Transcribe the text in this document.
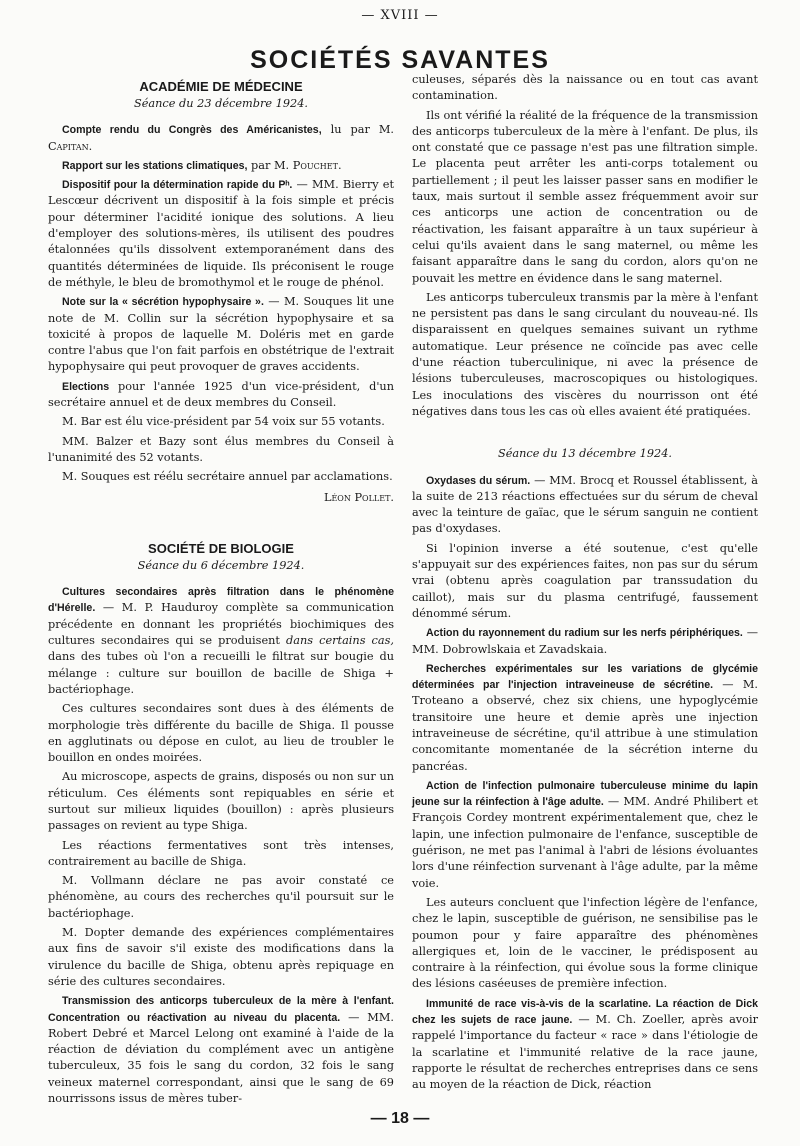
— XVIII —
SOCIÉTÉS SAVANTES
ACADÉMIE DE MÉDECINE
Séance du 23 décembre 1924.

Compte rendu du Congrès des Américanistes, lu par M. Capitan.

Rapport sur les stations climatiques, par M. Pouchet.

Dispositif pour la détermination rapide du Pʰ. — MM. Bierry et Lescœur décrivent un dispositif à la fois simple et précis pour déterminer l'acidité ionique des solutions. A lieu d'employer des solutions-mères, ils utilisent des poudres étalonnées qu'ils dissolvent extemporanément dans des quantités déterminées de liquide. Ils préconisent le rouge de méthyle, le bleu de bromothymol et le rouge de phénol.

Note sur la « sécrétion hypophysaire ». — M. Souques lit une note de M. Collin sur la sécrétion hypophysaire et sa toxicité à propos de laquelle M. Doléris met en garde contre l'abus que l'on fait parfois en obstétrique de l'extrait hypophysaire qui peut provoquer de graves accidents.

Elections pour l'année 1925 d'un vice-président, d'un secrétaire annuel et de deux membres du Conseil.

M. Bar est élu vice-président par 54 voix sur 55 votants.

MM. Balzer et Bazy sont élus membres du Conseil à l'unanimité des 52 votants.

M. Souques est réélu secrétaire annuel par acclamations.

Léon Pollet.
SOCIÉTÉ DE BIOLOGIE
Séance du 6 décembre 1924.

Cultures secondaires après filtration dans le phénomène d'Hérelle. — M. P. Hauduroy complète sa communication précédente en donnant les propriétés biochimiques des cultures secondaires qui se produisent dans certains cas, dans des tubes où l'on a recueilli le filtrat sur bougie du mélange : culture sur bouillon de bacille de Shiga + bactériophage.

Ces cultures secondaires sont dues à des éléments de morphologie très différente du bacille de Shiga. Il pousse en agglutinats ou dépose en culot, au lieu de troubler le bouillon en ondes moirées.

Au microscope, aspects de grains, disposés ou non sur un réticulum. Ces éléments sont repiquables en série et surtout sur milieux liquides (bouillon) : après plusieurs passages on revient au type Shiga.

Les réactions fermentatives sont très intenses, contrairement au bacille de Shiga.

M. Vollmann déclare ne pas avoir constaté ce phénomène, au cours des recherches qu'il poursuit sur le bactériophage.

M. Dopter demande des expériences complémentaires aux fins de savoir s'il existe des modifications dans la virulence du bacille de Shiga, obtenu après repiquage en série des cultures secondaires.

Transmission des anticorps tuberculeux de la mère à l'enfant. Concentration ou réactivation au niveau du placenta. — MM. Robert Debré et Marcel Lelong ont examiné à l'aide de la réaction de déviation du complément avec un antigène tuberculeux, 35 fois le sang du cordon, 32 fois le sang veineux maternel correspondant, ainsi que le sang de 69 nourrissons issus de mères tuber-

culeuses, séparés dès la naissance ou en tout cas avant contamination.

Ils ont vérifié la réalité de la fréquence de la transmission des anticorps tuberculeux de la mère à l'enfant. De plus, ils ont constaté que ce passage n'est pas une filtration simple. Le placenta peut arrêter les anti-corps totalement ou partiellement ; il peut les laisser passer sans en modifier le taux, mais surtout il semble assez fréquemment avoir sur ces anticorps une action de concentration ou de réactivation, les faisant apparaître à un taux supérieur à celui qu'ils avaient dans le sang maternel, ou même les faisant apparaître dans le sang du cordon, alors qu'on ne pouvait les mettre en évidence dans le sang maternel.

Les anticorps tuberculeux transmis par la mère à l'enfant ne persistent pas dans le sang circulant du nouveau-né. Ils disparaissent en quelques semaines suivant un rythme automatique. Leur présence ne coïncide pas avec celle d'une réaction tuberculinique, ni avec la présence de lésions tuberculeuses, macroscopiques ou histologiques. Les inoculations des viscères du nourrisson ont été négatives dans tous les cas où elles avaient été pratiquées.

Séance du 13 décembre 1924.

Oxydases du sérum. — MM. Brocq et Roussel établissent, à la suite de 213 réactions effectuées sur du sérum de cheval avec la teinture de gaïac, que le sérum sanguin ne contient pas d'oxydases.

Si l'opinion inverse a été soutenue, c'est qu'elle s'appuyait sur des expériences faites, non pas sur du sérum vrai (obtenu après coagulation par transsudation du caillot), mais sur du plasma centrifugé, faussement dénommé sérum.

Action du rayonnement du radium sur les nerfs périphériques. — MM. Dobrowlskaia et Zavadskaia.

Recherches expérimentales sur les variations de glycémie déterminées par l'injection intraveineuse de sécrétine. — M. Troteano a observé, chez six chiens, une hypoglycémie transitoire une heure et demie après une injection intraveineuse de sécrétine, qu'il attribue à une stimulation concomitante momentanée de la sécrétion interne du pancréas.

Action de l'infection pulmonaire tuberculeuse minime du lapin jeune sur la réinfection à l'âge adulte. — MM. André Philibert et François Cordey montrent expérimentalement que, chez le lapin, une infection pulmonaire de l'enfance, susceptible de guérison, ne met pas l'animal à l'abri de lésions évoluantes lors d'une réinfection survenant à l'âge adulte, par la même voie.

Les auteurs concluent que l'infection légère de l'enfance, chez le lapin, susceptible de guérison, ne sensibilise pas le poumon pour y faire apparaître des phénomènes allergiques et, loin de le vacciner, le prédisposent au contraire à la réinfection, qui évolue sous la forme clinique des lésions caséeuses de première infection.

Immunité de race vis-à-vis de la scarlatine. La réaction de Dick chez les sujets de race jaune. — M. Ch. Zoeller, après avoir rappelé l'importance du facteur « race » dans l'étiologie de la scarlatine et l'immunité relative de la race jaune, rapporte le résultat de recherches entreprises dans ce sens au moyen de la réaction de Dick, réaction

— 18 —
